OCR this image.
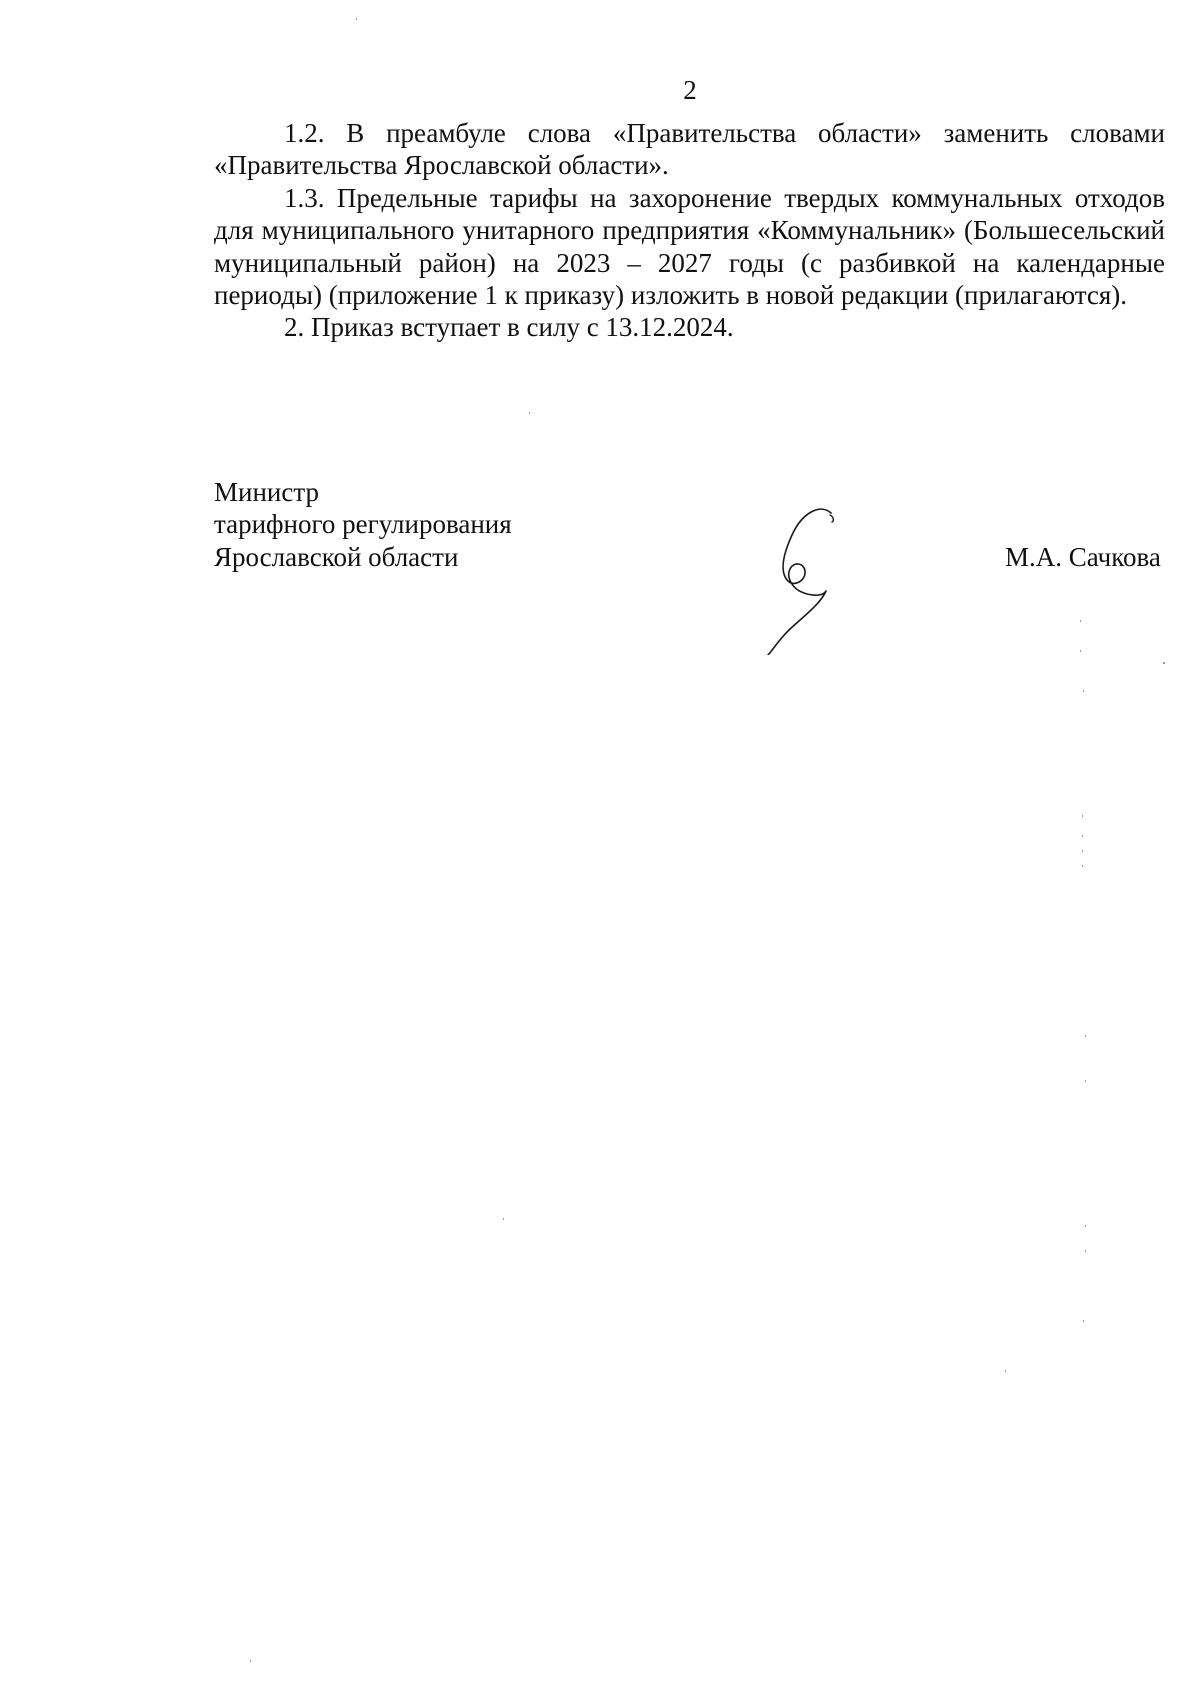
2

1.2. В преамбуле слова «Правительства области» заменить словами «Правительства Ярославской области».

1.3. Предельные тарифы на захоронение твердых коммунальных отходов для муниципального унитарного предприятия «Коммунальник» (Большесельский муниципальный район) на 2023 – 2027 годы (с разбивкой на календарные периоды) (приложение 1 к приказу) изложить в новой редакции (прилагаются).

2. Приказ вступает в силу с 13.12.2024.

Министр
тарифного регулирования
Ярославской области	М.А. Сачкова
